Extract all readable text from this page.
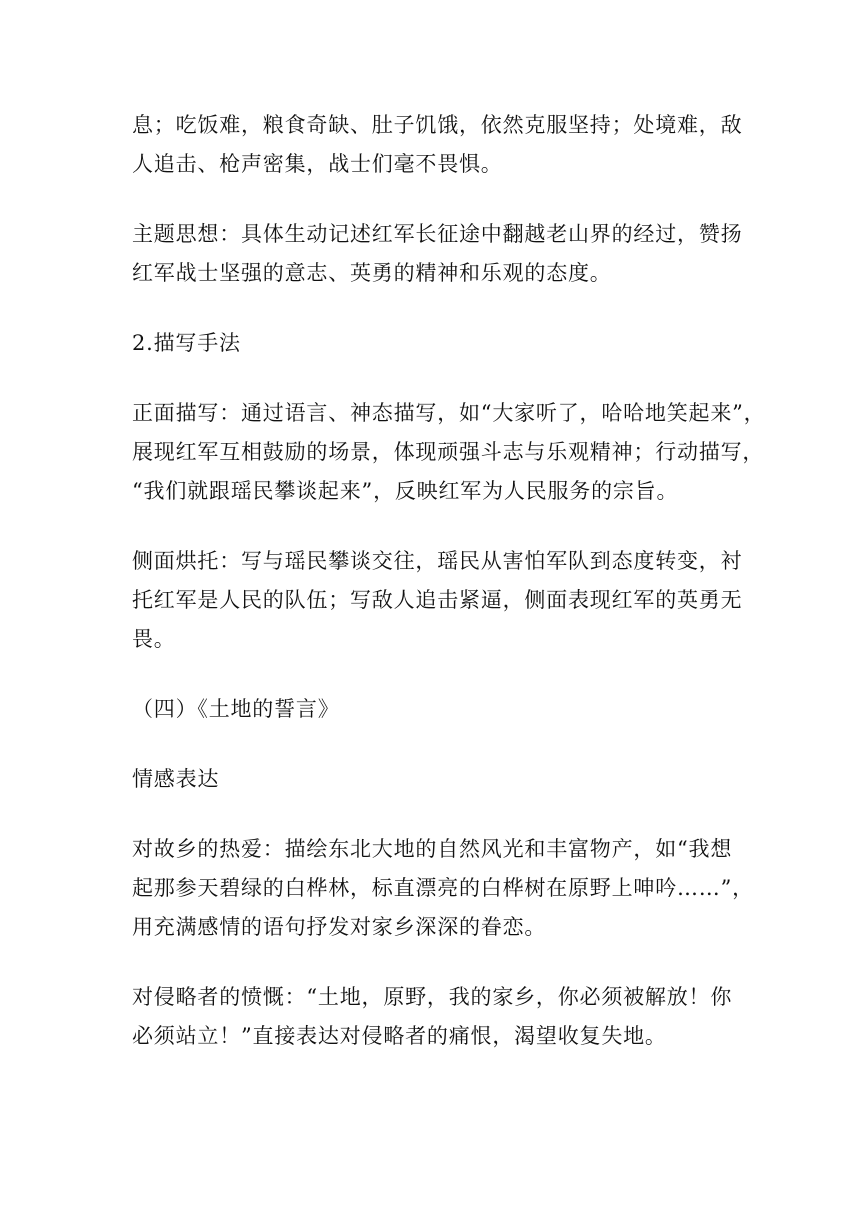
息；吃饭难，粮食奇缺、肚子饥饿，依然克服坚持；处境难，敌
人追击、枪声密集，战士们毫不畏惧。

主题思想：具体生动记述红军长征途中翻越老山界的经过，赞扬
红军战士坚强的意志、英勇的精神和乐观的态度。

2.描写手法

正面描写：通过语言、神态描写，如“大家听了，哈哈地笑起来”，
展现红军互相鼓励的场景，体现顽强斗志与乐观精神；行动描写，
“我们就跟瑶民攀谈起来”，反映红军为人民服务的宗旨。

侧面烘托：写与瑶民攀谈交往，瑶民从害怕军队到态度转变，衬
托红军是人民的队伍；写敌人追击紧逼，侧面表现红军的英勇无
畏。

（四）《土地的誓言》

情感表达

对故乡的热爱：描绘东北大地的自然风光和丰富物产，如“我想
起那参天碧绿的白桦林，标直漂亮的白桦树在原野上呻吟……”，
用充满感情的语句抒发对家乡深深的眷恋。

对侵略者的愤慨：“土地，原野，我的家乡，你必须被解放！你
必须站立！”直接表达对侵略者的痛恨，渴望收复失地。
